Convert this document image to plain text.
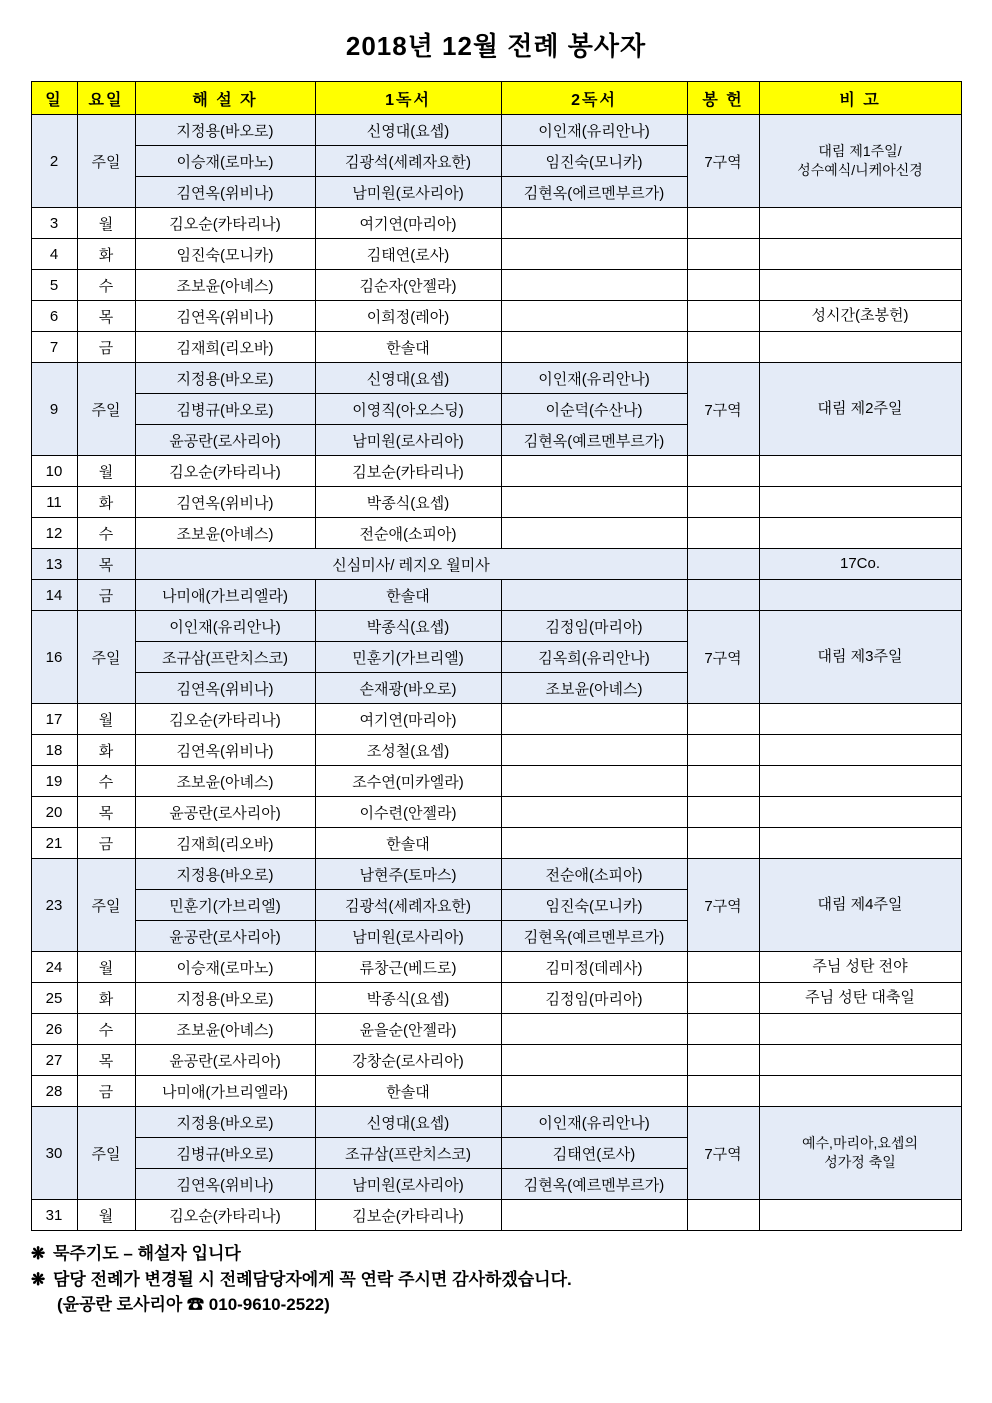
2018년 12월 전례 봉사자
일	요일	해 설 자	1독서	2독서	봉 헌	비 고
2	주일	지정용(바오로)	신영대(요셉)	이인재(유리안나)	7구역	대림 제1주일/
성수예식/니케아신경
		이승재(로마노)	김광석(세례자요한)	임진숙(모니카)		
		김연옥(위비나)	남미원(로사리아)	김현옥(에르멘부르가)		
3	월	김오순(카타리나)	여기연(마리아)			
4	화	임진숙(모니카)	김태연(로사)			
5	수	조보윤(아녜스)	김순자(안젤라)			
6	목	김연옥(위비나)	이희정(레아)			성시간(초봉헌)
7	금	김재희(리오바)	한솔대			
9	주일	지정용(바오로)	신영대(요셉)	이인재(유리안나)	7구역	대림 제2주일
		김병규(바오로)	이영직(아오스딩)	이순덕(수산나)		
		윤공란(로사리아)	남미원(로사리아)	김현옥(예르멘부르가)		
10	월	김오순(카타리나)	김보순(카타리나)			
11	화	김연옥(위비나)	박종식(요셉)			
12	수	조보윤(아녜스)	전순애(소피아)			
13	목	신심미사/ 레지오 월미사				17Co.
14	금	나미애(가브리엘라)	한솔대			
16	주일	이인재(유리안나)	박종식(요셉)	김정임(마리아)	7구역	대림 제3주일
		조규삼(프란치스코)	민훈기(가브리엘)	김옥희(유리안나)		
		김연옥(위비나)	손재광(바오로)	조보윤(아녜스)		
17	월	김오순(카타리나)	여기연(마리아)			
18	화	김연옥(위비나)	조성철(요셉)			
19	수	조보윤(아녜스)	조수연(미카엘라)			
20	목	윤공란(로사리아)	이수련(안젤라)			
21	금	김재희(리오바)	한솔대			
23	주일	지정용(바오로)	남현주(토마스)	전순애(소피아)	7구역	대림 제4주일
		민훈기(가브리엘)	김광석(세례자요한)	임진숙(모니카)		
		윤공란(로사리아)	남미원(로사리아)	김현옥(예르멘부르가)		
24	월	이승재(로마노)	류창근(베드로)	김미정(데레사)		주님 성탄 전야
25	화	지정용(바오로)	박종식(요셉)	김정임(마리아)		주님 성탄 대축일
26	수	조보윤(아녜스)	윤을순(안젤라)			
27	목	윤공란(로사리아)	강창순(로사리아)			
28	금	나미애(가브리엘라)	한솔대			
30	주일	지정용(바오로)	신영대(요셉)	이인재(유리안나)	7구역	예수,마리아,요셉의
성가정 축일
		김병규(바오로)	조규삼(프란치스코)	김태연(로사)		
		김연옥(위비나)	남미원(로사리아)	김현옥(예르멘부르가)		
31	월	김오순(카타리나)	김보순(카타리나)			
❋ 묵주기도 – 해설자 입니다
❋ 담당 전례가 변경될 시 전례담당자에게 꼭 연락 주시면 감사하겠습니다.
(윤공란 로사리아 ☎ 010-9610-2522)
